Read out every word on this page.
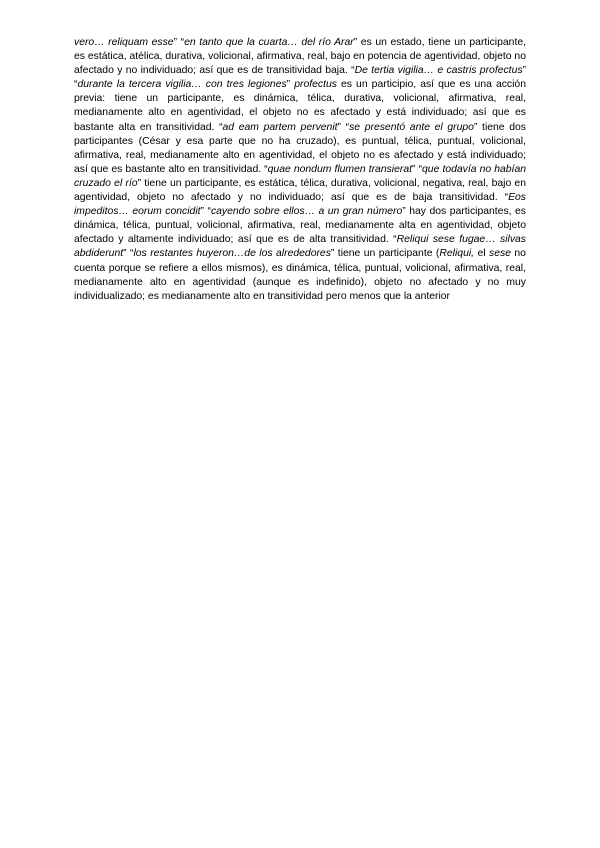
vero… reliquam esse” “en tanto que la cuarta… del río Arar” es un estado, tiene un participante, es estática, atélica, durativa, volicional, afirmativa, real, bajo en potencia de agentividad, objeto no afectado y no individuado; así que es de transitividad baja. “De tertia vigilia… e castris profectus” “durante la tercera vigilia… con tres legiones” profectus es un participio, así que es una acción previa: tiene un participante, es dinámica, télica, durativa, volicional, afirmativa, real, medianamente alto en agentividad, el objeto no es afectado y está individuado; así que es bastante alta en transitividad. “ad eam partem pervenit” “se presentó ante el grupo” tiene dos participantes (César y esa parte que no ha cruzado), es puntual, télica, puntual, volicional, afirmativa, real, medianamente alto en agentividad, el objeto no es afectado y está individuado; así que es bastante alto en transitividad. “quae nondum flumen transierat” “que todavía no habían cruzado el río” tiene un participante, es estática, télica, durativa, volicional, negativa, real, bajo en agentividad, objeto no afectado y no individuado; así que es de baja transitividad. “Eos impeditos… eorum concidit” “cayendo sobre ellos… a un gran número” hay dos participantes, es dinámica, télica, puntual, volicional, afirmativa, real, medianamente alta en agentividad, objeto afectado y altamente individuado; así que es de alta transitividad. “Reliqui sese fugae… silvas abdiderunt” “los restantes huyeron…de los alrededores” tiene un participante (Reliqui, el sese no cuenta porque se refiere a ellos mismos), es dinámica, télica, puntual, volicional, afirmativa, real, medianamente alto en agentividad (aunque es indefinido), objeto no afectado y no muy individualizado; es medianamente alto en transitividad pero menos que la anterior
